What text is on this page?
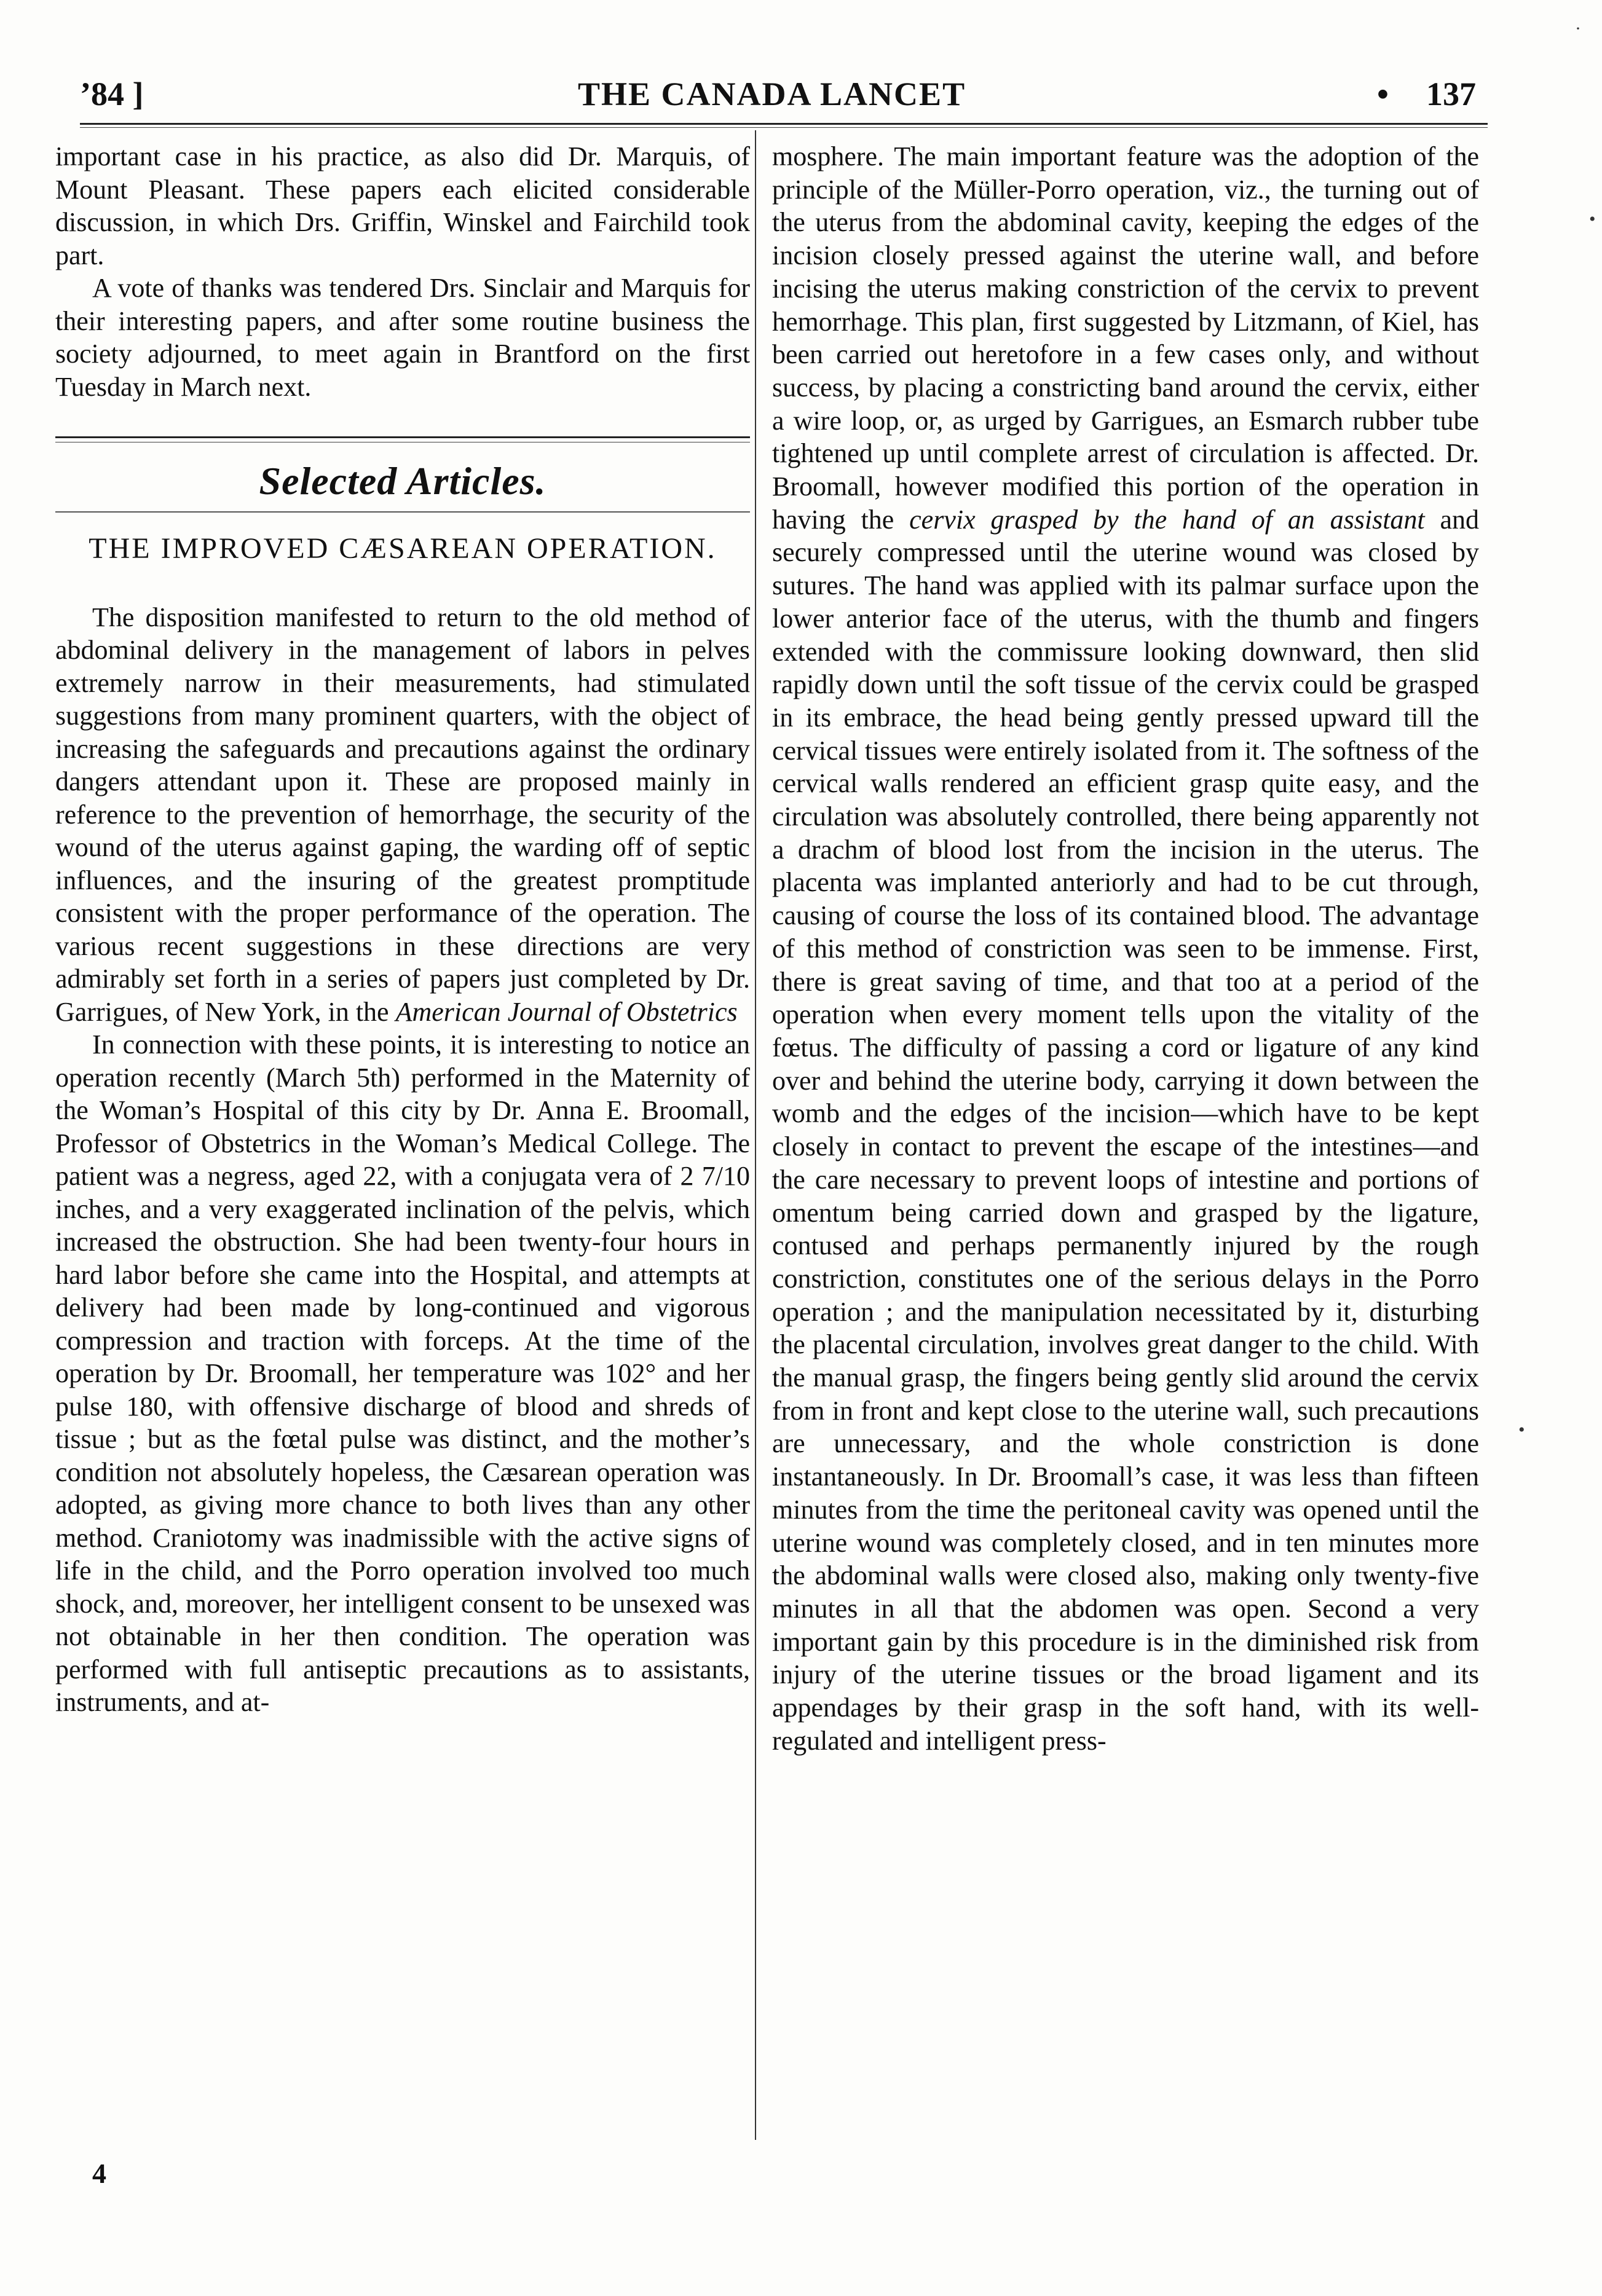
’84 ]	THE CANADA LANCET	• 137

important case in his practice, as also did Dr. Marquis, of Mount Pleasant. These papers each elicited considerable discussion, in which Drs. Griffin, Winskel and Fairchild took part.

A vote of thanks was tendered Drs. Sinclair and Marquis for their interesting papers, and after some routine business the society adjourned, to meet again in Brantford on the first Tuesday in March next.

Selected Articles.
THE IMPROVED CÆSAREAN OPERATION.

The disposition manifested to return to the old method of abdominal delivery in the management of labors in pelves extremely narrow in their measurements, had stimulated suggestions from many prominent quarters, with the object of increasing the safeguards and precautions against the ordinary dangers attendant upon it. These are proposed mainly in reference to the prevention of hemorrhage, the security of the wound of the uterus against gaping, the warding off of septic influences, and the insuring of the greatest promptitude consistent with the proper performance of the operation. The various recent suggestions in these directions are very admirably set forth in a series of papers just completed by Dr. Garrigues, of New York, in the American Journal of Obstetrics

In connection with these points, it is interesting to notice an operation recently (March 5th) performed in the Maternity of the Woman’s Hospital of this city by Dr. Anna E. Broomall, Professor of Obstetrics in the Woman’s Medical College. The patient was a negress, aged 22, with a conjugata vera of 2 7/10 inches, and a very exaggerated inclination of the pelvis, which increased the obstruction. She had been twenty-four hours in hard labor before she came into the Hospital, and attempts at delivery had been made by long-continued and vigorous compression and traction with forceps. At the time of the operation by Dr. Broomall, her temperature was 102° and her pulse 180, with offensive discharge of blood and shreds of tissue ; but as the fœtal pulse was distinct, and the mother’s condition not absolutely hopeless, the Cæsarean operation was adopted, as giving more chance to both lives than any other method. Craniotomy was inadmissible with the active signs of life in the child, and the Porro operation involved too much shock, and, moreover, her intelligent consent to be unsexed was not obtainable in her then condition. The operation was performed with full antiseptic precautions as to assistants, instruments, and at-

mosphere. The main important feature was the adoption of the principle of the Müller-Porro operation, viz., the turning out of the uterus from the abdominal cavity, keeping the edges of the incision closely pressed against the uterine wall, and before incising the uterus making constriction of the cervix to prevent hemorrhage. This plan, first suggested by Litzmann, of Kiel, has been carried out heretofore in a few cases only, and without success, by placing a constricting band around the cervix, either a wire loop, or, as urged by Garrigues, an Esmarch rubber tube tightened up until complete arrest of circulation is affected. Dr. Broomall, however modified this portion of the operation in having the cervix grasped by the hand of an assistant and securely compressed until the uterine wound was closed by sutures. The hand was applied with its palmar surface upon the lower anterior face of the uterus, with the thumb and fingers extended with the commissure looking downward, then slid rapidly down until the soft tissue of the cervix could be grasped in its embrace, the head being gently pressed upward till the cervical tissues were entirely isolated from it. The softness of the cervical walls rendered an efficient grasp quite easy, and the circulation was absolutely controlled, there being apparently not a drachm of blood lost from the incision in the uterus. The placenta was implanted anteriorly and had to be cut through, causing of course the loss of its contained blood. The advantage of this method of constriction was seen to be immense. First, there is great saving of time, and that too at a period of the operation when every moment tells upon the vitality of the fœtus. The difficulty of passing a cord or ligature of any kind over and behind the uterine body, carrying it down between the womb and the edges of the incision—which have to be kept closely in contact to prevent the escape of the intestines—and the care necessary to prevent loops of intestine and portions of omentum being carried down and grasped by the ligature, contused and perhaps permanently injured by the rough constriction, constitutes one of the serious delays in the Porro operation ; and the manipulation necessitated by it, disturbing the placental circulation, involves great danger to the child. With the manual grasp, the fingers being gently slid around the cervix from in front and kept close to the uterine wall, such precautions are unnecessary, and the whole constriction is done instantaneously. In Dr. Broomall’s case, it was less than fifteen minutes from the time the peritoneal cavity was opened until the uterine wound was completely closed, and in ten minutes more the abdominal walls were closed also, making only twenty-five minutes in all that the abdomen was open. Second a very important gain by this procedure is in the diminished risk from injury of the uterine tissues or the broad ligament and its appendages by their grasp in the soft hand, with its well-regulated and intelligent press-

4
·
•
•
